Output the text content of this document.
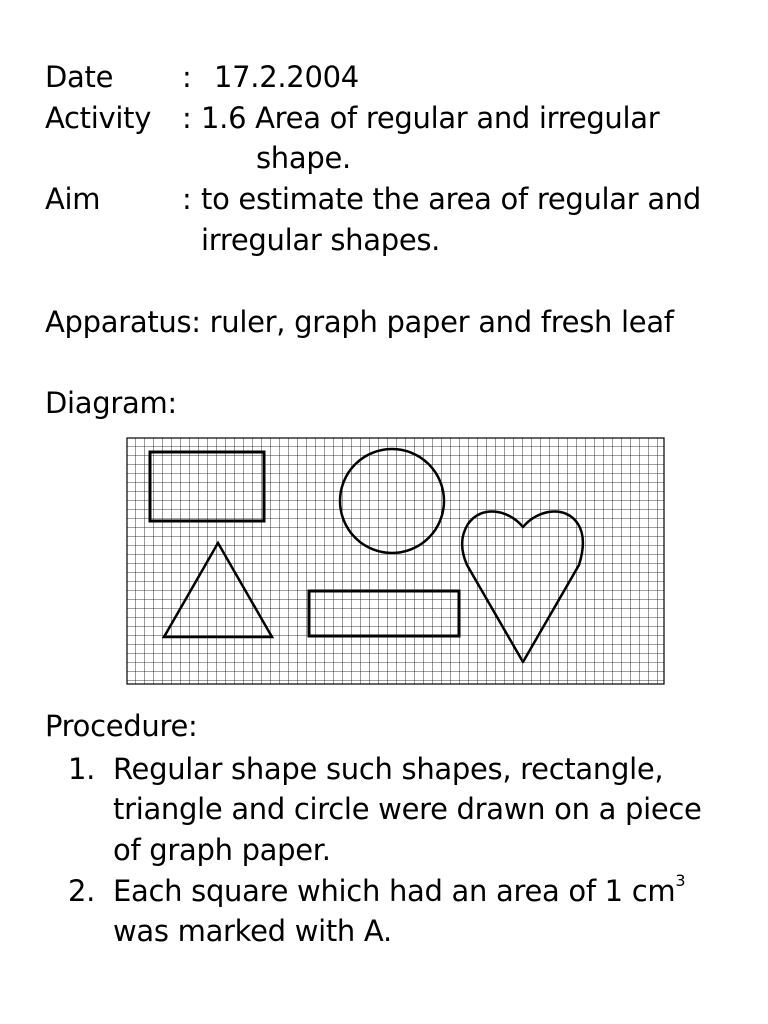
Date : 17.2.2004
Activity : 1.6 Area of regular and irregular
shape.
Aim	: to estimate the area of regular and
irregular shapes.
Apparatus: ruler, graph paper and fresh leaf
Diagram:
Procedure:
1. Regular shape such shapes, rectangle,
triangle and circle were drawn on a piece
of graph paper.
2. Each square which had an area of 1 $cm^3$
was marked with A.
